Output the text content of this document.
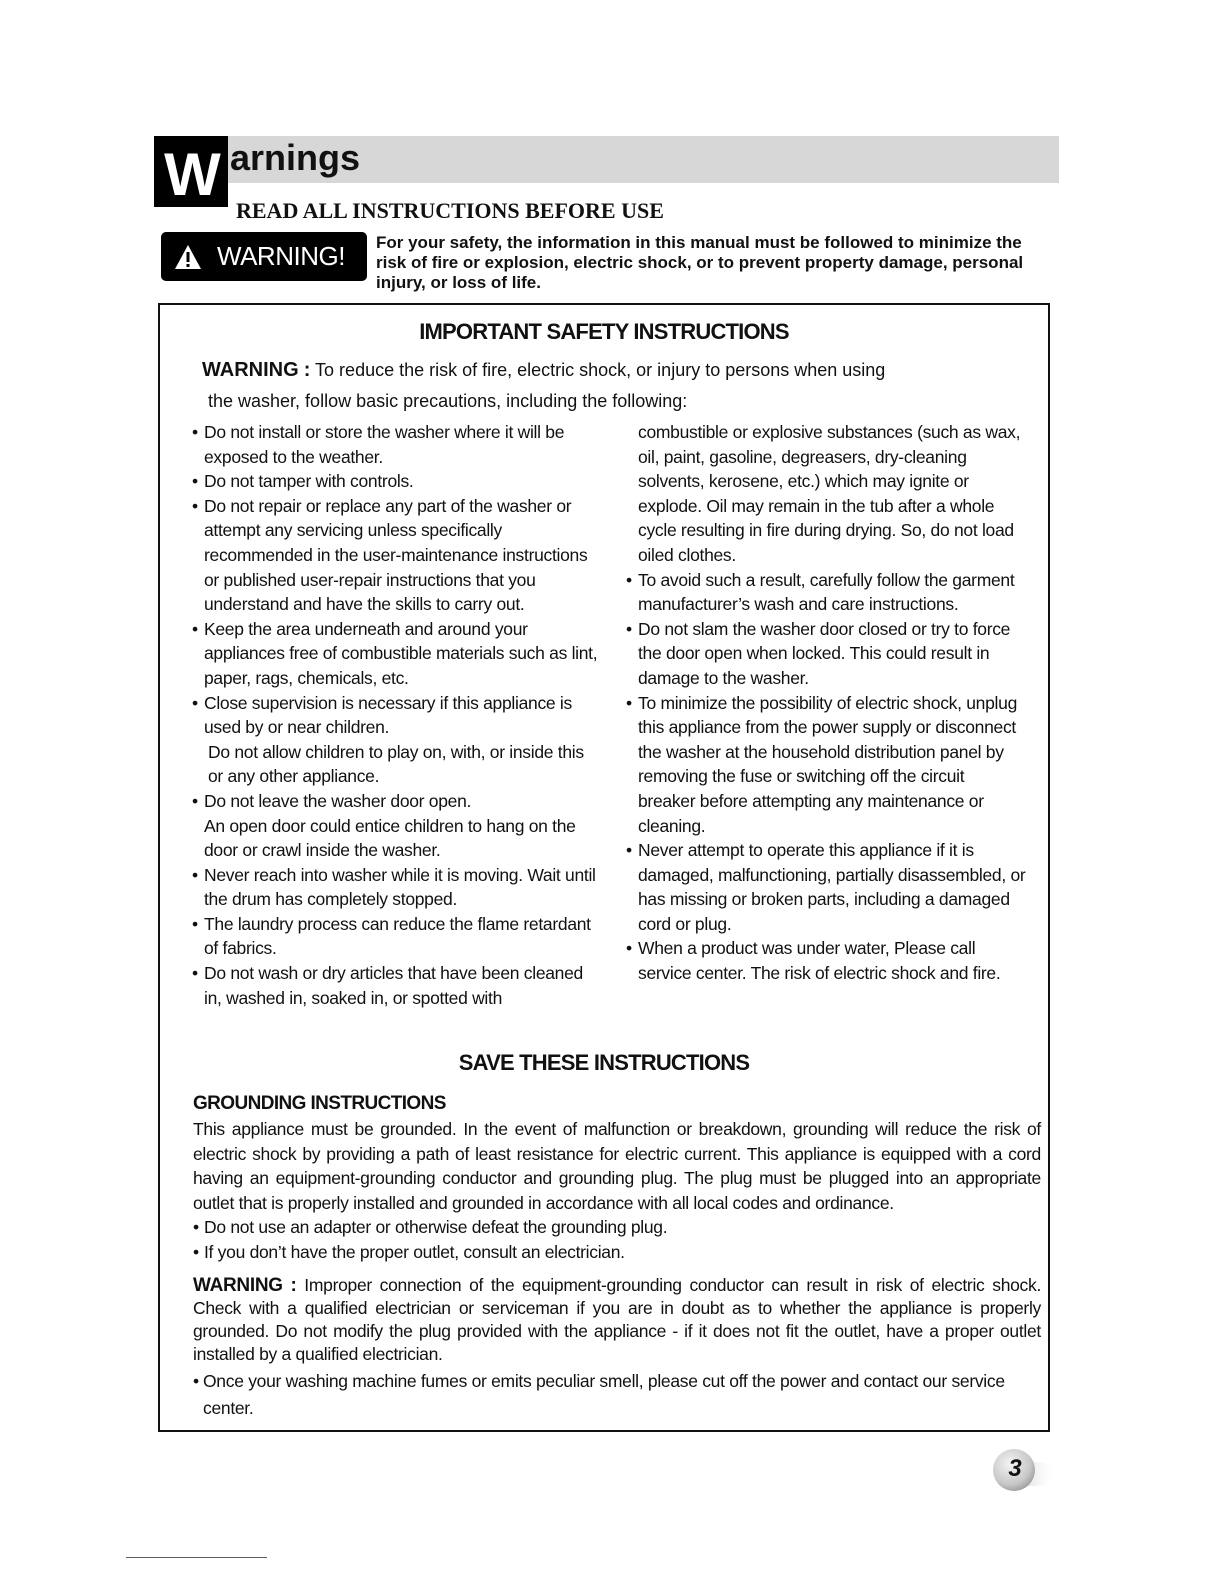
W arnings
READ ALL INSTRUCTIONS BEFORE USE
WARNING! For your safety, the information in this manual must be followed to minimize the risk of fire or explosion, electric shock, or to prevent property damage, personal injury, or loss of life.
IMPORTANT SAFETY INSTRUCTIONS
WARNING : To reduce the risk of fire, electric shock, or injury to persons when using
the washer, follow basic precautions, including the following:
• Do not install or store the washer where it will be exposed to the weather.
• Do not tamper with controls.
• Do not repair or replace any part of the washer or attempt any servicing unless specifically recommended in the user-maintenance instructions or published user-repair instructions that you understand and have the skills to carry out.
• Keep the area underneath and around your appliances free of combustible materials such as lint, paper, rags, chemicals, etc.
• Close supervision is necessary if this appliance is used by or near children.
Do not allow children to play on, with, or inside this or any other appliance.
• Do not leave the washer door open.
An open door could entice children to hang on the door or crawl inside the washer.
• Never reach into washer while it is moving. Wait until the drum has completely stopped.
• The laundry process can reduce the flame retardant of fabrics.
• Do not wash or dry articles that have been cleaned in, washed in, soaked in, or spotted with
combustible or explosive substances (such as wax, oil, paint, gasoline, degreasers, dry-cleaning solvents, kerosene, etc.) which may ignite or explode. Oil may remain in the tub after a whole cycle resulting in fire during drying. So, do not load oiled clothes.
• To avoid such a result, carefully follow the garment manufacturer’s wash and care instructions.
• Do not slam the washer door closed or try to force the door open when locked. This could result in damage to the washer.
• To minimize the possibility of electric shock, unplug this appliance from the power supply or disconnect the washer at the household distribution panel by removing the fuse or switching off the circuit breaker before attempting any maintenance or cleaning.
• Never attempt to operate this appliance if it is damaged, malfunctioning, partially disassembled, or has missing or broken parts, including a damaged cord or plug.
• When a product was under water, Please call service center. The risk of electric shock and fire.
SAVE THESE INSTRUCTIONS
GROUNDING INSTRUCTIONS
This appliance must be grounded. In the event of malfunction or breakdown, grounding will reduce the risk of electric shock by providing a path of least resistance for electric current. This appliance is equipped with a cord having an equipment-grounding conductor and grounding plug. The plug must be plugged into an appropriate outlet that is properly installed and grounded in accordance with all local codes and ordinance.
• Do not use an adapter or otherwise defeat the grounding plug.
• If you don’t have the proper outlet, consult an electrician.
WARNING : Improper connection of the equipment-grounding conductor can result in risk of electric shock. Check with a qualified electrician or serviceman if you are in doubt as to whether the appliance is properly grounded. Do not modify the plug provided with the appliance - if it does not fit the outlet, have a proper outlet installed by a qualified electrician.
• Once your washing machine fumes or emits peculiar smell, please cut off the power and contact our service center.
3
